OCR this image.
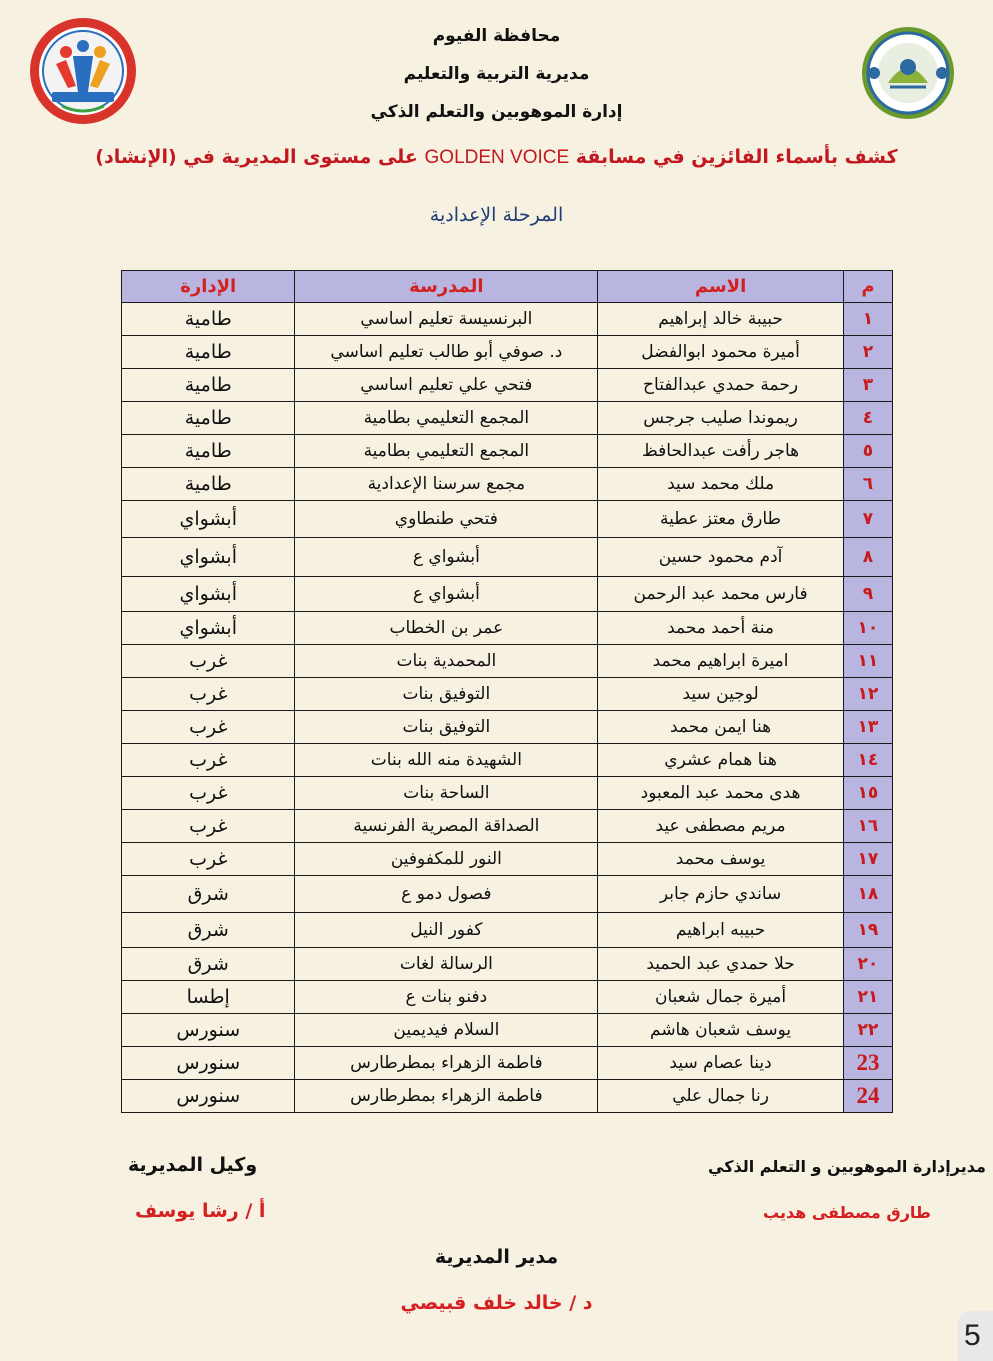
محافظة الفيوم
مديرية التربية والتعليم
إدارة الموهوبين والتعلم الذكي
كشف بأسماء الفائزين في مسابقة GOLDEN VOICE على مستوى المديرية في (الإنشاد)
المرحلة الإعدادية
م	الاسم	المدرسة	الإدارة
١	حبيبة خالد إبراهيم	البرنسيسة تعليم اساسي	طامية
٢	أميرة محمود ابوالفضل	د. صوفي أبو طالب تعليم اساسي	طامية
٣	رحمة حمدي عبدالفتاح	فتحي علي تعليم اساسي	طامية
٤	ريموندا صليب جرجس	المجمع التعليمي بطامية	طامية
٥	هاجر رأفت عبدالحافظ	المجمع التعليمي بطامية	طامية
٦	ملك محمد سيد	مجمع سرسنا الإعدادية	طامية
٧	طارق معتز عطية	فتحي طنطاوي	أبشواي
٨	آدم محمود حسين	أبشواي ع	أبشواي
٩	فارس محمد عبد الرحمن	أبشواي ع	أبشواي
١٠	منة أحمد محمد	عمر بن الخطاب	أبشواي
١١	اميرة ابراهيم محمد	المحمدية بنات	غرب
١٢	لوجين سيد	التوفيق بنات	غرب
١٣	هنا ايمن محمد	التوفيق بنات	غرب
١٤	هنا همام عشري	الشهيدة منه الله بنات	غرب
١٥	هدى محمد عبد المعبود	الساحة بنات	غرب
١٦	مريم مصطفى عيد	الصداقة المصرية الفرنسية	غرب
١٧	يوسف محمد	النور للمكفوفين	غرب
١٨	ساندي حازم جابر	فصول دمو ع	شرق
١٩	حبيبه ابراهيم	كفور النيل	شرق
٢٠	حلا حمدي عبد الحميد	الرسالة لغات	شرق
٢١	أميرة جمال شعبان	دفنو بنات ع	إطسا
٢٢	يوسف شعبان هاشم	السلام فيديمين	سنورس
23	دينا عصام سيد	فاطمة الزهراء بمطرطارس	سنورس
24	رنا جمال علي	فاطمة الزهراء بمطرطارس	سنورس
مديرإدارة الموهوبين و التعلم الذكي
طارق مصطفى هديب
وكيل المديرية
أ / رشا يوسف
مدير المديرية
د / خالد خلف قبيصي
5
